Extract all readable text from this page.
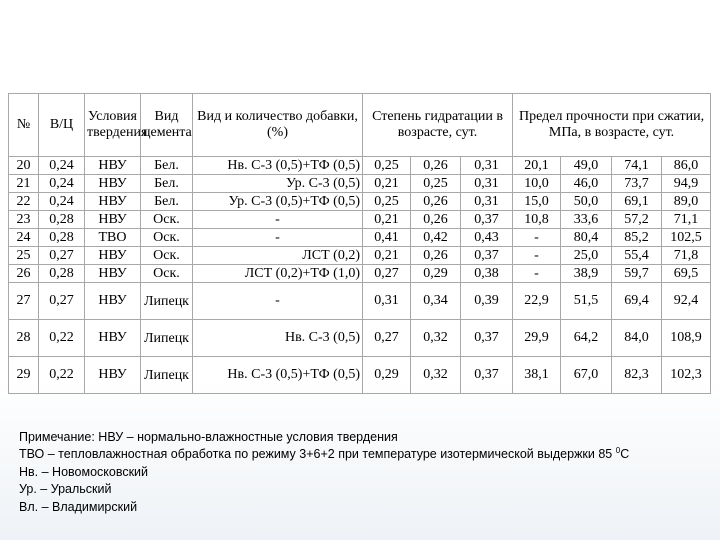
№	В/Ц	Условия твердения	Вид цемента	Вид и количество добавки, (%)	Степень гидратации в возрасте, сут.			Предел прочности при сжатии, МПа, в возрасте, сут.			
20	0,24	НВУ	Бел.	Нв. С-3 (0,5)+ТФ (0,5)	0,25	0,26	0,31	20,1	49,0	74,1	86,0
21	0,24	НВУ	Бел.	Ур. С-3 (0,5)	0,21	0,25	0,31	10,0	46,0	73,7	94,9
22	0,24	НВУ	Бел.	Ур. С-3 (0,5)+ТФ (0,5)	0,25	0,26	0,31	15,0	50,0	69,1	89,0
23	0,28	НВУ	Оск.	-	0,21	0,26	0,37	10,8	33,6	57,2	71,1
24	0,28	ТВО	Оск.	-	0,41	0,42	0,43	-	80,4	85,2	102,5
25	0,27	НВУ	Оск.	ЛСТ (0,2)	0,21	0,26	0,37	-	25,0	55,4	71,8
26	0,28	НВУ	Оск.	ЛСТ (0,2)+ТФ (1,0)	0,27	0,29	0,38	-	38,9	59,7	69,5
27	0,27	НВУ	Липецк	-	0,31	0,34	0,39	22,9	51,5	69,4	92,4
28	0,22	НВУ	Липецк	Нв. С-3 (0,5)	0,27	0,32	0,37	29,9	64,2	84,0	108,9
29	0,22	НВУ	Липецк	Нв. С-3 (0,5)+ТФ (0,5)	0,29	0,32	0,37	38,1	67,0	82,3	102,3
Примечание: НВУ – нормально-влажностные условия твердения
ТВО – тепловлажностная обработка по режиму 3+6+2 при температуре изотермической выдержки 85 $^0$С
Нв. – Новомосковский
Ур. – Уральский
Вл. – Владимирский
